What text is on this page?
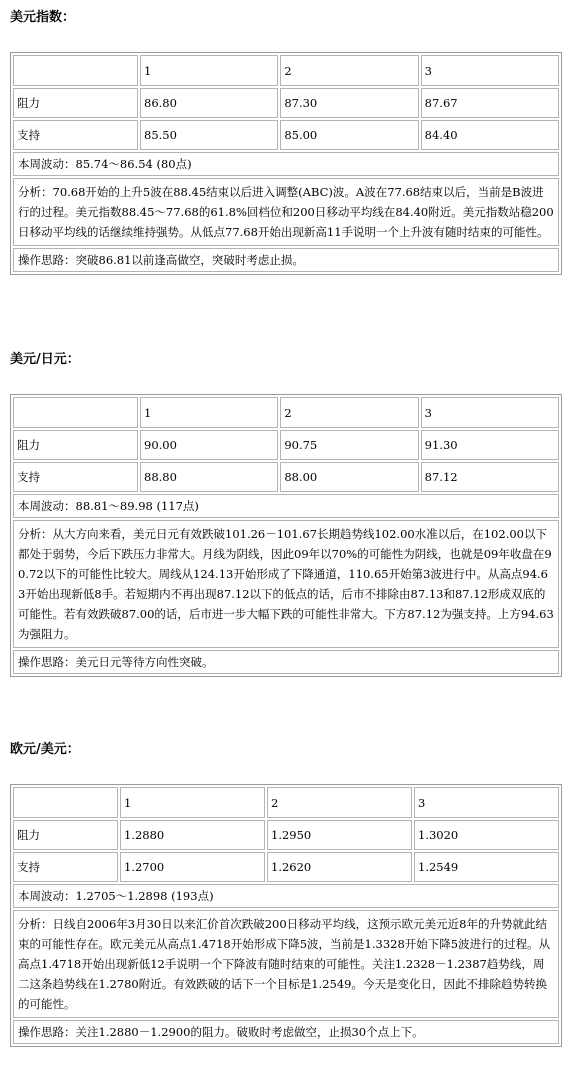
美元指数：
	1	2	3
阻力	86.80	87.30	87.67
支持	85.50	85.00	84.40
本周波动：85.74～86.54 (80点)
分析：70.68开始的上升5波在88.45结束以后进入调整(ABC)波。A波在77.68结束以后，当前是B波进行的过程。美元指数88.45～77.68的61.8%回档位和200日移动平均线在84.40附近。美元指数站稳200日移动平均线的话继续维持强势。从低点77.68开始出现新高11手说明一个上升波有随时结束的可能性。
操作思路：突破86.81以前逢高做空，突破时考虑止损。
美元/日元：
	1	2	3
阻力	90.00	90.75	91.30
支持	88.80	88.00	87.12
本周波动：88.81～89.98 (117点)
分析：从大方向来看，美元日元有效跌破101.26－101.67长期趋势线102.00水准以后，在102.00以下都处于弱势，今后下跌压力非常大。月线为阴线，因此09年以70%的可能性为阴线，也就是09年收盘在90.72以下的可能性比较大。周线从124.13开始形成了下降通道，110.65开始第3波进行中。从高点94.63开始出现新低8手。若短期内不再出现87.12以下的低点的话，后市不排除由87.13和87.12形成双底的可能性。若有效跌破87.00的话，后市进一步大幅下跌的可能性非常大。下方87.12为强支持。上方94.63为强阻力。
操作思路：美元日元等待方向性突破。
欧元/美元：
	1	2	3
阻力	1.2880	1.2950	1.3020
支持	1.2700	1.2620	1.2549
本周波动：1.2705～1.2898 (193点)
分析：日线自2006年3月30日以来汇价首次跌破200日移动平均线，这预示欧元美元近8年的升势就此结束的可能性存在。欧元美元从高点1.4718开始形成下降5波，当前是1.3328开始下降5波进行的过程。从高点1.4718开始出现新低12手说明一个下降波有随时结束的可能性。关注1.2328－1.2387趋势线，周二这条趋势线在1.2780附近。有效跌破的话下一个目标是1.2549。今天是变化日，因此不排除趋势转换的可能性。
操作思路：关注1.2880－1.2900的阻力。破败时考虑做空，止损30个点上下。
